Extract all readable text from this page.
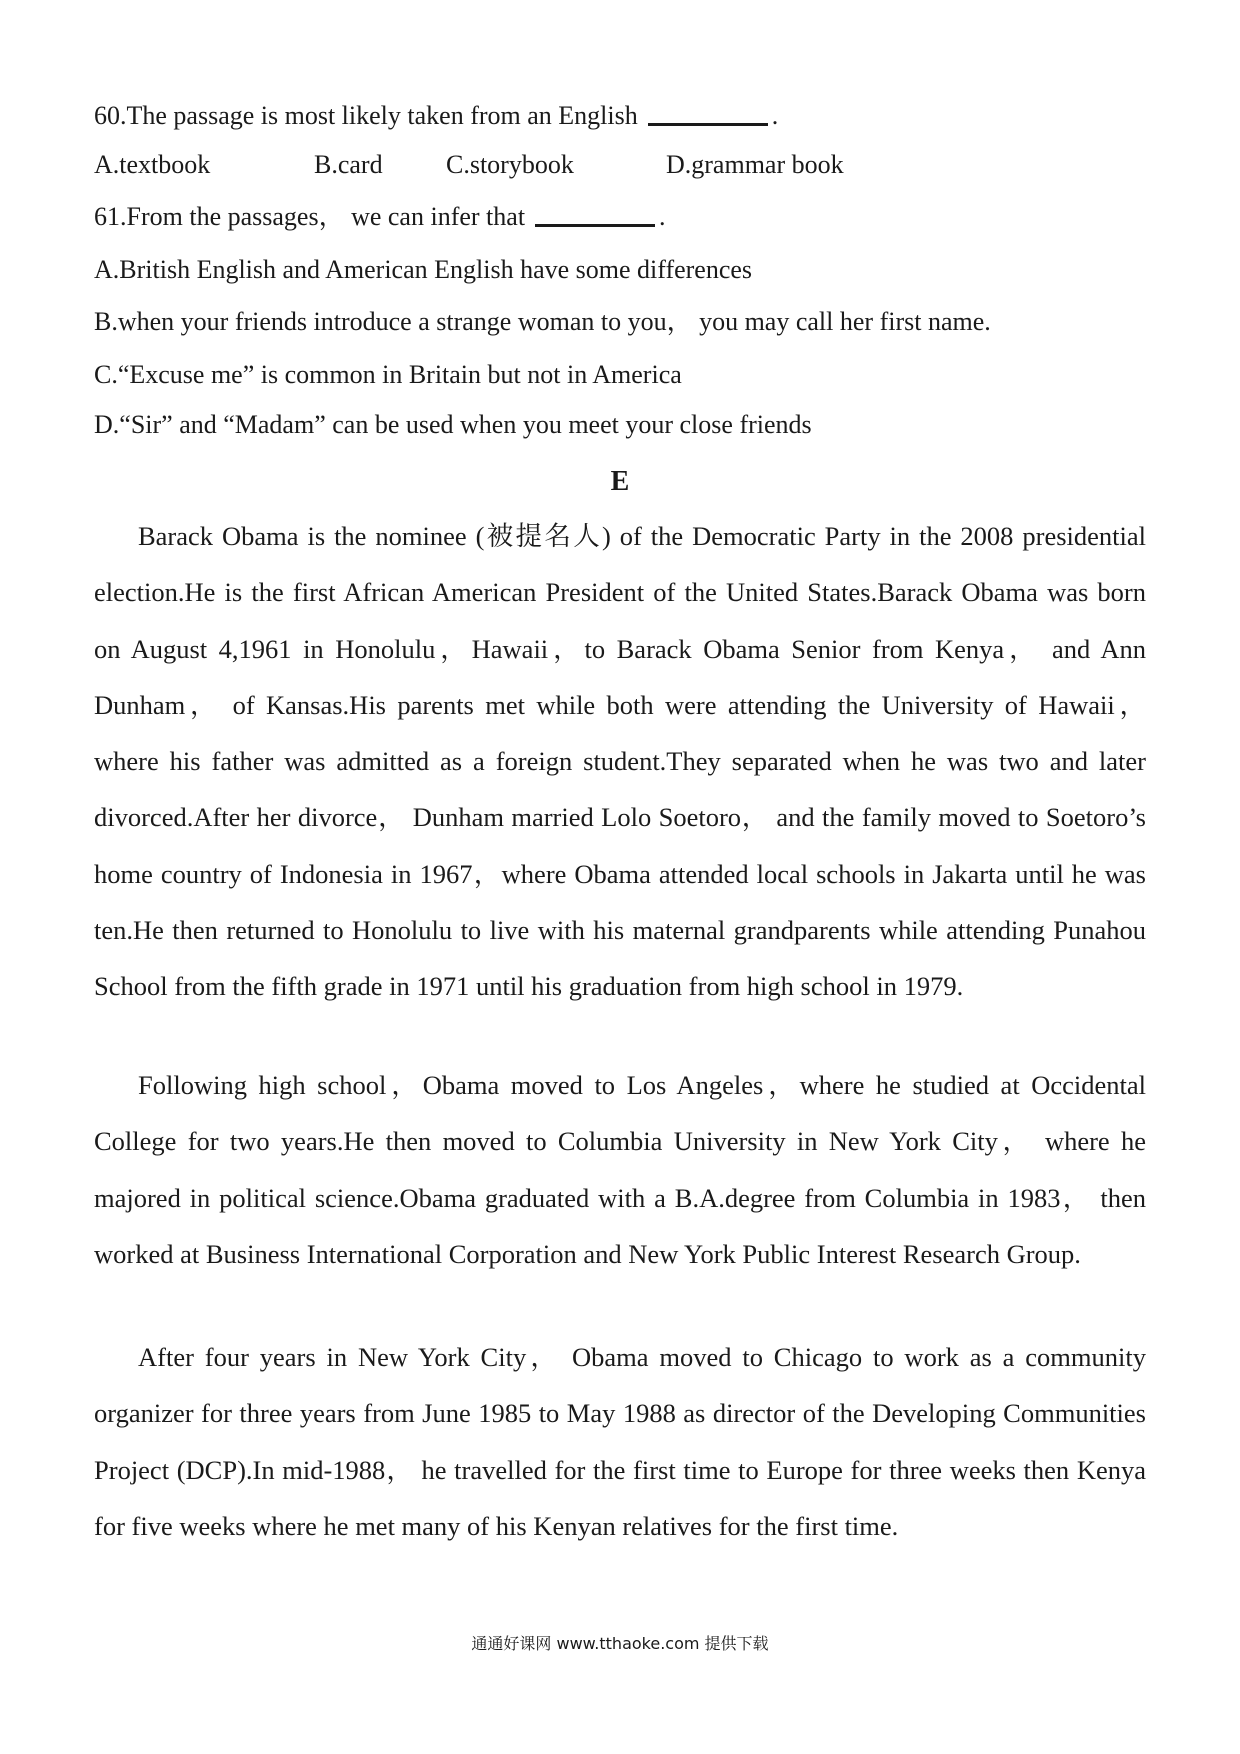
60.The passage is most likely taken from an English	.
A.textbook	B.card C.storybook	D.grammar book
61.From the passages， we can infer that	.
A.British English and American English have some differences
B.when your friends introduce a strange woman to you， you may call her first name.
C.“Excuse me” is common in Britain but not in America
D.“Sir” and “Madam” can be used when you meet your close friends
E

Barack Obama is the nominee (被提名人) of the Democratic Party in the 2008 presidential election.He is the first African American President of the United States.Barack Obama was born on August 4,1961 in Honolulu，Hawaii，to Barack Obama Senior from Kenya， and Ann Dunham， of Kansas.His parents met while both were attending the University of Hawaii， where his father was admitted as a foreign student.They separated when he was two and later divorced.After her divorce， Dunham married Lolo Soetoro， and the family moved to Soetoro’s home country of Indonesia in 1967，where Obama attended local schools in Jakarta until he was ten.He then returned to Honolulu to live with his maternal grandparents while attending Punahou School from the fifth grade in 1971 until his graduation from high school in 1979.

Following high school，Obama moved to Los Angeles，where he studied at Occidental College for two years.He then moved to Columbia University in New York City， where he majored in political science.Obama graduated with a B.A.degree from Columbia in 1983， then worked at Business International Corporation and New York Public Interest Research Group.

After four years in New York City， Obama moved to Chicago to work as a community organizer for three years from June 1985 to May 1988 as director of the Developing Communities Project (DCP).In mid-1988， he travelled for the first time to Europe for three weeks then Kenya for five weeks where he met many of his Kenyan relatives for the first time.

通通好课网 www.tthaoke.com 提供下载
